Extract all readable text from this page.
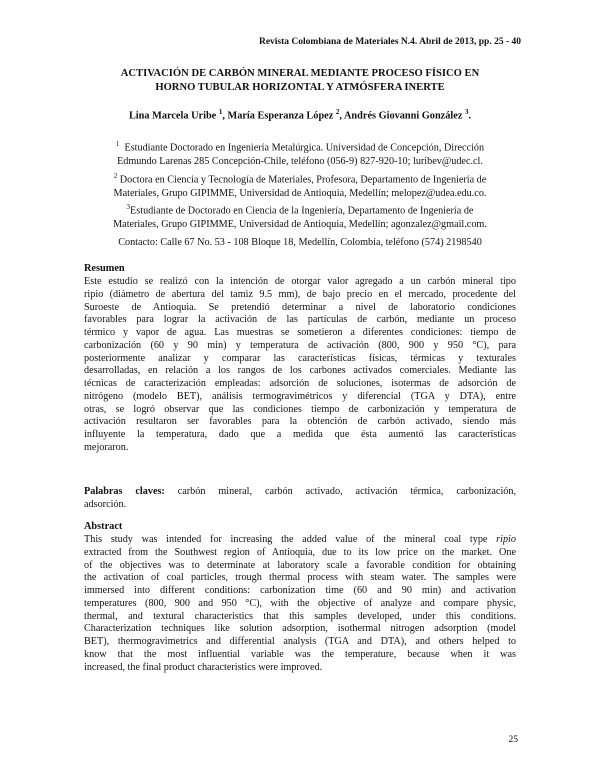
Revista Colombiana de Materiales N.4. Abril de 2013, pp. 25 - 40
ACTIVACIÓN DE CARBÓN MINERAL MEDIANTE PROCESO FÍSICO EN
HORNO TUBULAR HORIZONTAL Y ATMÓSFERA INERTE
Lina Marcela Uribe $^1$, María Esperanza López $^2$, Andrés Giovanni González $^3$.
$^1$ Estudiante Doctorado en Ingeniería Metalúrgica. Universidad de Concepción, Dirección
Edmundo Larenas 285 Concepción-Chile, teléfono (056-9) 827-920-10; luribev@udec.cl.
$^2$ Doctora en Ciencia y Tecnología de Materiales, Profesora, Departamento de Ingeniería de
Materiales, Grupo GIPIMME, Universidad de Antioquia, Medellín; melopez@udea.edu.co.
$^3$Estudiante de Doctorado en Ciencia de la Ingeniería, Departamento de Ingeniería de
Materiales, Grupo GIPIMME, Universidad de Antioquia, Medellín; agonzalez@gmail.com.
Contacto: Calle 67 No. 53 - 108 Bloque 18, Medellín, Colombia, teléfono (574) 2198540
Resumen
Este estudio se realizó con la intención de otorgar valor agregado a un carbón mineral tipo
ripio (diámetro de abertura del tamiz 9.5 mm), de bajo precio en el mercado, procedente del
Suroeste de Antioquia. Se pretendió determinar a nivel de laboratorio condiciones
favorables para lograr la activación de las partículas de carbón, mediante un proceso
térmico y vapor de agua. Las muestras se sometieron a diferentes condiciones: tiempo de
carbonización (60 y 90 min) y temperatura de activación (800, 900 y 950 °C), para
posteriormente analizar y comparar las características físicas, térmicas y texturales
desarrolladas, en relación a los rangos de los carbones activados comerciales. Mediante las
técnicas de caracterización empleadas: adsorción de soluciones, isotermas de adsorción de
nitrógeno (modelo BET), análisis termogravimétricos y diferencial (TGA y DTA), entre
otras, se logró observar que las condiciones tiempo de carbonización y temperatura de
activación resultaron ser favorables para la obtención de carbón activado, siendo más
influyente la temperatura, dado que a medida que ésta aumentó las características
mejoraron.
Palabras claves: carbón mineral, carbón activado, activación térmica, carbonización,
adsorción.
Abstract
This study was intended for increasing the added value of the mineral coal type ripio
extracted from the Southwest region of Antioquia, due to its low price on the market. One
of the objectives was to determinate at laboratory scale a favorable condition for obtaining
the activation of coal particles, trough thermal process with steam water. The samples were
immersed into different conditions: carbonization time (60 and 90 min) and activation
temperatures (800, 900 and 950 °C), with the objective of analyze and compare physic,
thermal, and textural characteristics that this samples developed, under this conditions.
Characterization techniques like solution adsorption, isothermal nitrogen adsorption (model
BET), thermogravimetrics and differential analysis (TGA and DTA), and others helped to
know that the most influential variable was the temperature, because when it was
increased, the final product characteristics were improved.
25
